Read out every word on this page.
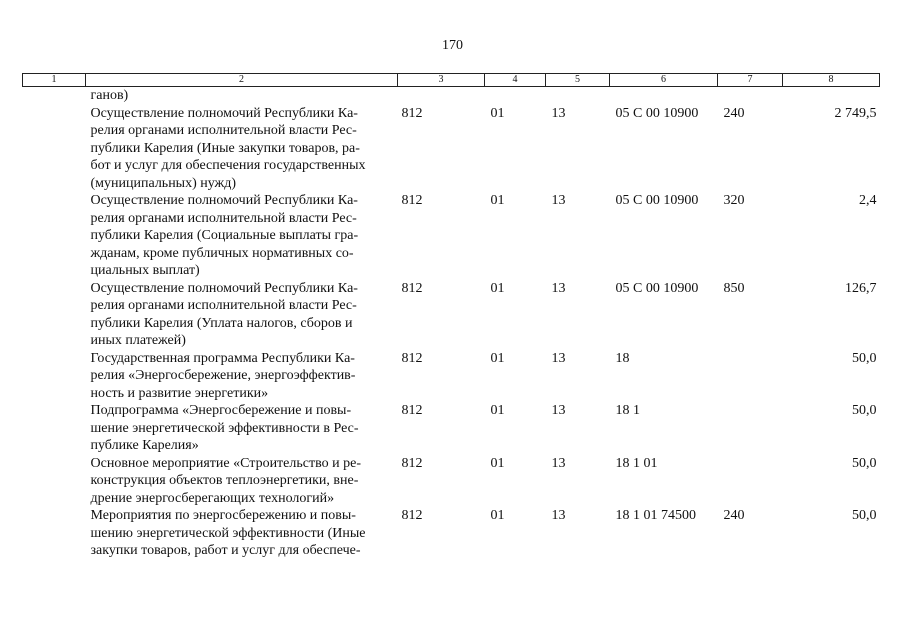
170
1	2	3	4	5	6	7	8
	ганов)						

	Осуществление полномочий Республики Ка-
релия органами исполнительной власти Рес-
публики Карелия (Иные закупки товаров, ра-
бот и услуг для обеспечения государственных
(муниципальных) нужд)	812	01	13	05 С 00 10900	240	2 749,5

	Осуществление полномочий Республики Ка-
релия органами исполнительной власти Рес-
публики Карелия (Социальные выплаты гра-
жданам, кроме публичных нормативных со-
циальных выплат)	812	01	13	05 С 00 10900	320	2,4

	Осуществление полномочий Республики Ка-
релия органами исполнительной власти Рес-
публики Карелия (Уплата налогов, сборов и
иных платежей)	812	01	13	05 С 00 10900	850	126,7

	Государственная программа Республики Ка-
релия «Энергосбережение, энергоэффектив-
ность и развитие энергетики»	812	01	13	18		50,0

	Подпрограмма «Энергосбережение и повы-
шение энергетической эффективности в Рес-
публике Карелия»	812	01	13	18 1		50,0

	Основное мероприятие «Строительство и ре-
конструкция объектов теплоэнергетики, вне-
дрение энергосберегающих технологий»	812	01	13	18 1 01		50,0

	Мероприятия по энергосбережению и повы-
шению энергетической эффективности (Иные
закупки товаров, работ и услуг для обеспече-	812	01	13	18 1 01 74500	240	50,0
